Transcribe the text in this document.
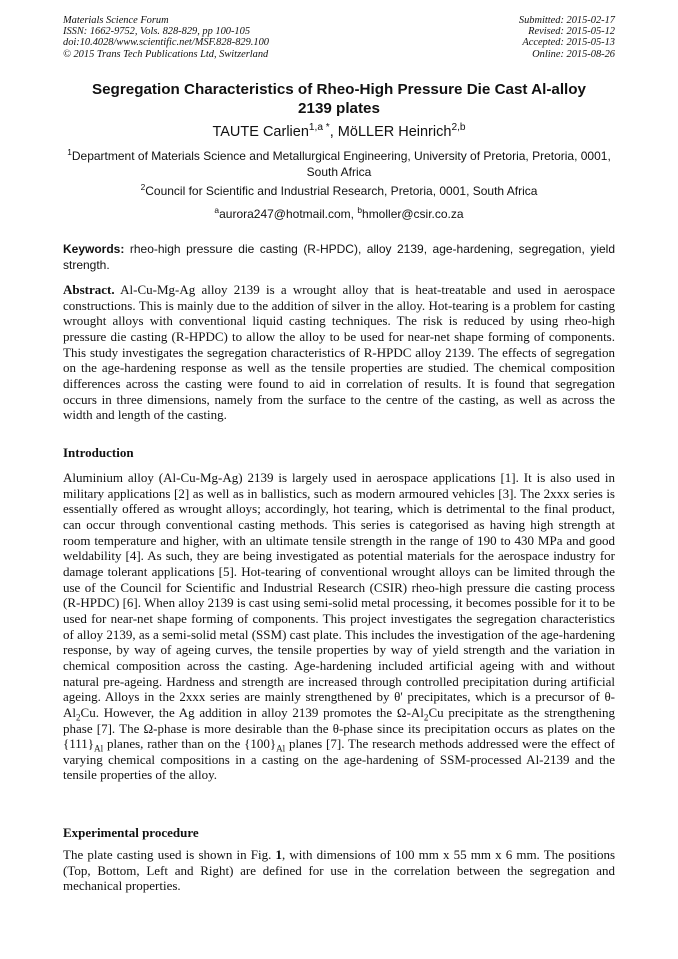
Materials Science Forum
ISSN: 1662-9752, Vols. 828-829, pp 100-105
doi:10.4028/www.scientific.net/MSF.828-829.100
© 2015 Trans Tech Publications Ltd, Switzerland
Submitted: 2015-02-17
Revised: 2015-05-12
Accepted: 2015-05-13
Online: 2015-08-26
Segregation Characteristics of Rheo-High Pressure Die Cast Al-alloy
2139 plates
TAUTE Carlien$^{1,a *}$, MöLLER Heinrich$^{2,b}$
$^1$Department of Materials Science and Metallurgical Engineering, University of Pretoria, Pretoria, 0001, South Africa
$^2$Council for Scientific and Industrial Research, Pretoria, 0001, South Africa
$^a$aurora247@hotmail.com, $^b$hmoller@csir.co.za
Keywords: rheo-high pressure die casting (R-HPDC), alloy 2139, age-hardening, segregation, yield strength.
Abstract. Al-Cu-Mg-Ag alloy 2139 is a wrought alloy that is heat-treatable and used in aerospace constructions. This is mainly due to the addition of silver in the alloy. Hot-tearing is a problem for casting wrought alloys with conventional liquid casting techniques. The risk is reduced by using rheo-high pressure die casting (R-HPDC) to allow the alloy to be used for near-net shape forming of components. This study investigates the segregation characteristics of R-HPDC alloy 2139. The effects of segregation on the age-hardening response as well as the tensile properties are studied. The chemical composition differences across the casting were found to aid in correlation of results. It is found that segregation occurs in three dimensions, namely from the surface to the centre of the casting, as well as across the width and length of the casting.
Introduction
Aluminium alloy (Al-Cu-Mg-Ag) 2139 is largely used in aerospace applications [1]. It is also used in military applications [2] as well as in ballistics, such as modern armoured vehicles [3]. The 2xxx series is essentially offered as wrought alloys; accordingly, hot tearing, which is detrimental to the final product, can occur through conventional casting methods. This series is categorised as having high strength at room temperature and higher, with an ultimate tensile strength in the range of 190 to 430 MPa and good weldability [4]. As such, they are being investigated as potential materials for the aerospace industry for damage tolerant applications [5]. Hot-tearing of conventional wrought alloys can be limited through the use of the Council for Scientific and Industrial Research (CSIR) rheo-high pressure die casting process (R-HPDC) [6]. When alloy 2139 is cast using semi-solid metal processing, it becomes possible for it to be used for near-net shape forming of components. This project investigates the segregation characteristics of alloy 2139, as a semi-solid metal (SSM) cast plate. This includes the investigation of the age-hardening response, by way of ageing curves, the tensile properties by way of yield strength and the variation in chemical composition across the casting. Age-hardening included artificial ageing with and without natural pre-ageing. Hardness and strength are increased through controlled precipitation during artificial ageing. Alloys in the 2xxx series are mainly strengthened by θ' precipitates, which is a precursor of $\theta-Al_2Cu$. However, the Ag addition in alloy 2139 promotes the $\Omega-Al_2Cu$ precipitate as the strengthening phase [7]. The Ω-phase is more desirable than the θ-phase since its precipitation occurs as plates on the $\{111\}_{Al}$ planes, rather than on the $\{100\}_{Al}$ planes [7]. The research methods addressed were the effect of varying chemical compositions in a casting on the age-hardening of SSM-processed Al-2139 and the tensile properties of the alloy.
Experimental procedure
The plate casting used is shown in Fig. 1, with dimensions of 100 mm x 55 mm x 6 mm. The positions (Top, Bottom, Left and Right) are defined for use in the correlation between the segregation and mechanical properties.
